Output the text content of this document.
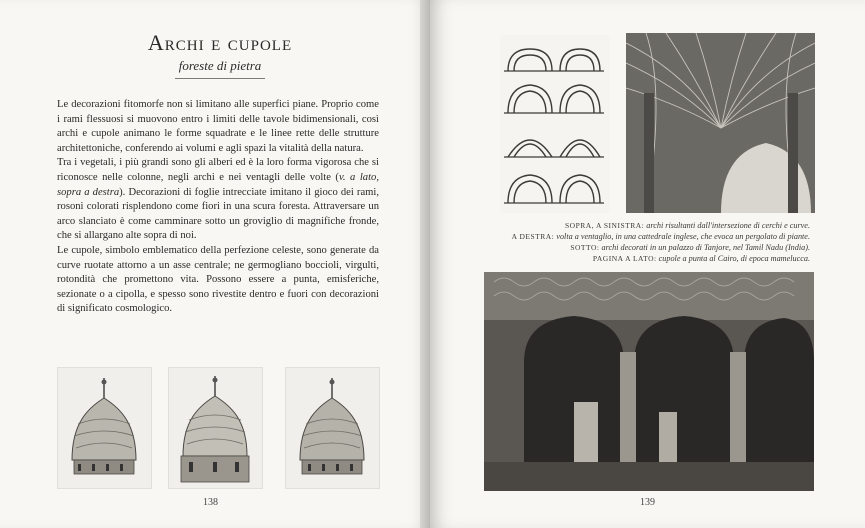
Archi e cupole
foreste di pietra

Le decorazioni fitomorfe non si limitano alle superfici piane. Proprio come i rami flessuosi si muovono entro i limiti delle tavole bidimensionali, così archi e cupole animano le forme squadrate e le linee rette delle strutture architettoniche, conferendo ai volumi e agli spazi la vitalità della natura.

Tra i vegetali, i più grandi sono gli alberi ed è la loro forma vigorosa che si riconosce nelle colonne, negli archi e nei ventagli delle volte (v. a lato, sopra a destra). Decorazioni di foglie intrecciate imitano il gioco dei rami, rosoni colorati risplendono come fiori in una scura foresta. Attraversare un arco slanciato è come camminare sotto un groviglio di magnifiche fronde, che si allargano alte sopra di noi.

Le cupole, simbolo emblematico della perfezione celeste, sono generate da curve ruotate attorno a un asse centrale; ne germogliano boccioli, virgulti, rotondità che promettono vita. Possono essere a punta, emisferiche, sezionate o a cipolla, e spesso sono rivestite dentro e fuori con decorazioni di significato cosmologico.

138
SOPRA, A SINISTRA: archi risultanti dall'intersezione di cerchi e curve.
A DESTRA: volta a ventaglio, in una cattedrale inglese, che evoca un pergolato di piante.
SOTTO: archi decorati in un palazzo di Tanjore, nel Tamil Nadu (India).
PAGINA A LATO: cupole a punta al Cairo, di epoca mamelucca.
139
